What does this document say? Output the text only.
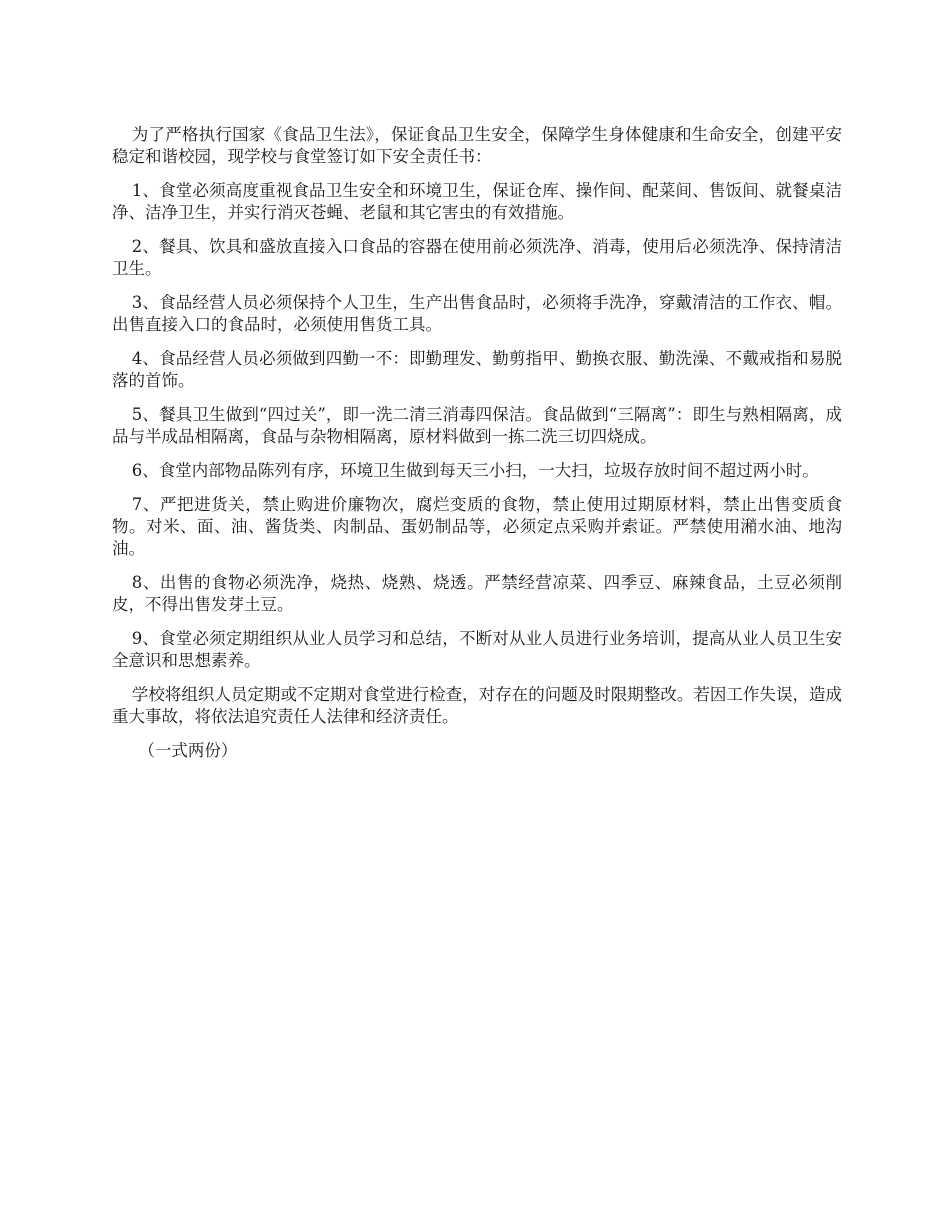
为了严格执行国家《食品卫生法》，保证食品卫生安全，保障学生身体健康和生命安全，创建平安稳定和谐校园，现学校与食堂签订如下安全责任书：

1、食堂必须高度重视食品卫生安全和环境卫生，保证仓库、操作间、配菜间、售饭间、就餐桌洁净、洁净卫生，并实行消灭苍蝇、老鼠和其它害虫的有效措施。

2、餐具、饮具和盛放直接入口食品的容器在使用前必须洗净、消毒，使用后必须洗净、保持清洁卫生。

3、食品经营人员必须保持个人卫生，生产出售食品时，必须将手洗净，穿戴清洁的工作衣、帽。出售直接入口的食品时，必须使用售货工具。

4、食品经营人员必须做到四勤一不：即勤理发、勤剪指甲、勤换衣服、勤洗澡、不戴戒指和易脱落的首饰。

5、餐具卫生做到“四过关”，即一洗二清三消毒四保洁。食品做到“三隔离”：即生与熟相隔离，成品与半成品相隔离，食品与杂物相隔离，原材料做到一拣二洗三切四烧成。

6、食堂内部物品陈列有序，环境卫生做到每天三小扫，一大扫，垃圾存放时间不超过两小时。

7、严把进货关，禁止购进价廉物次，腐烂变质的食物，禁止使用过期原材料，禁止出售变质食物。对米、面、油、酱货类、肉制品、蛋奶制品等，必须定点采购并索证。严禁使用潲水油、地沟油。

8、出售的食物必须洗净，烧热、烧熟、烧透。严禁经营凉菜、四季豆、麻辣食品，土豆必须削皮，不得出售发芽土豆。

9、食堂必须定期组织从业人员学习和总结，不断对从业人员进行业务培训，提高从业人员卫生安全意识和思想素养。

学校将组织人员定期或不定期对食堂进行检查，对存在的问题及时限期整改。若因工作失误，造成重大事故，将依法追究责任人法律和经济责任。

（一式两份）
